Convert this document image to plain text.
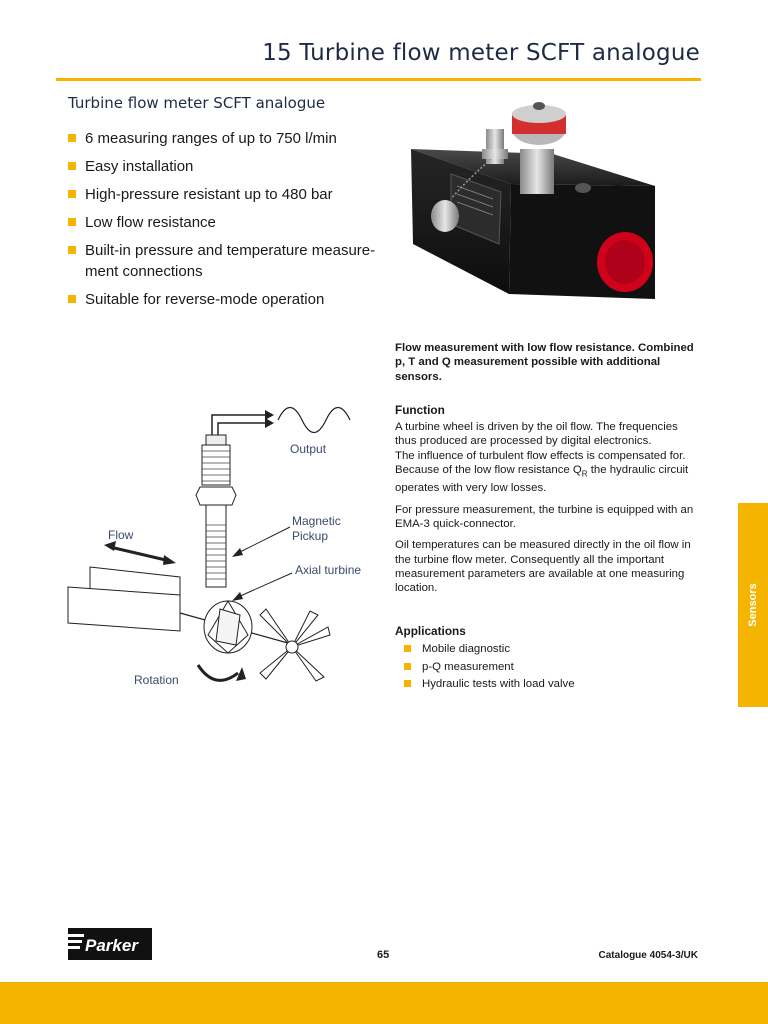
15 Turbine flow meter SCFT analogue
Turbine flow meter SCFT analogue
6 measuring ranges of up to 750 l/min
Easy installation
High-pressure resistant up to 480 bar
Low flow resistance
Built-in pressure and temperature measure-ment connections
Suitable for reverse-mode operation
Output
Magnetic
Pickup
Axial turbine
Flow
Rotation
Flow measurement with low flow resistance. Combined p, T and Q measurement possible with additional sensors.
Function

A turbine wheel is driven by the oil flow. The frequencies thus produced are processed by digital electronics.
The influence of turbulent flow effects is compensated for.
Because of the low flow resistance $Q_R$ the hydraulic circuit operates with very low losses.

For pressure measurement, the turbine is equipped with an EMA-3 quick-connector.

Oil temperatures can be measured directly in the oil flow in the turbine flow meter. Consequently all the important measurement parameters are available at one measuring location.

Applications
Mobile diagnostic
p-Q measurement
Hydraulic tests with load valve
Sensors
Parker	65	Catalogue 4054-3/UK
